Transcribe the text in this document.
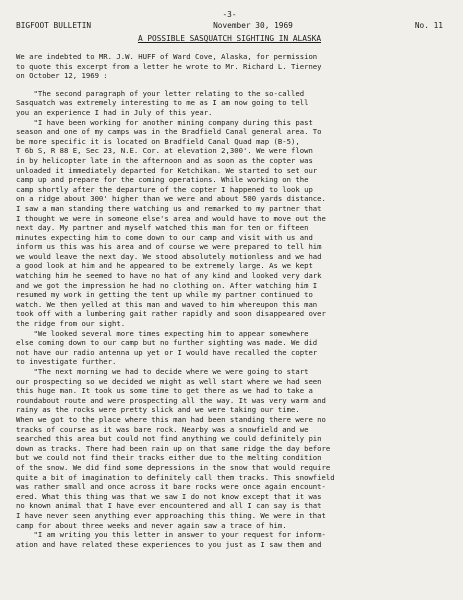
-3-
BIGFOOT BULLETIN	November 30, 1969	No. 11
A POSSIBLE SASQUATCH SIGHTING IN ALASKA
We are indebted to MR. J.W. HUFF of Ward Cove, Alaska, for permission
to quote this excerpt from a letter he wrote to Mr. Richard L. Tierney
on October 12, 1969 :
"The second paragraph of your letter relating to the so-called
Sasquatch was extremely interesting to me as I am now going to tell
you an experience I had in July of this year.
"I have been working for another mining company during this past
season and one of my camps was in the Bradfield Canal general area. To
be more specific it is located on Bradfield Canal Quad map (B-5),
T 6b S, R 88 E, Sec 23, N.E. Cor. at elevation 2,300'. We were flown
in by helicopter late in the afternoon and as soon as the copter was
unloaded it immediately departed for Ketchikan. We started to set our
camp up and prepare for the coming operations. While working on the
camp shortly after the departure of the copter I happened to look up
on a ridge about 300' higher than we were and about 500 yards distance.
I saw a man standing there watching us and remarked to my partner that
I thought we were in someone else's area and would have to move out the
next day. My partner and myself watched this man for ten or fifteen
minutes expecting him to come down to our camp and visit with us and
inform us this was his area and of course we were prepared to tell him
we would leave the next day. We stood absolutely motionless and we had
a good look at him and he appeared to be extremely large. As we kept
watching him he seemed to have no hat of any kind and looked very dark
and we got the impression he had no clothing on. After watching him I
resumed my work in getting the tent up while my partner continued to
watch. We then yelled at this man and waved to him whereupon this man
took off with a lumbering gait rather rapidly and soon disappeared over
the ridge from our sight.
"We looked several more times expecting him to appear somewhere
else coming down to our camp but no further sighting was made. We did
not have our radio antenna up yet or I would have recalled the copter
to investigate further.
"The next morning we had to decide where we were going to start
our prospecting so we decided we might as well start where we had seen
this huge man. It took us some time to get there as we had to take a
roundabout route and were prospecting all the way. It was very warm and
rainy as the rocks were pretty slick and we were taking our time.
When we got to the place where this man had been standing there were no
tracks of course as it was bare rock. Nearby was a snowfield and we
searched this area but could not find anything we could definitely pin
down as tracks. There had been rain up on that same ridge the day before
but we could not find their tracks either due to the melting condition
of the snow. We did find some depressions in the snow that would require
quite a bit of imagination to definitely call them tracks. This snowfield
was rather small and once across it bare rocks were once again encount-
ered. What this thing was that we saw I do not know except that it was
no known animal that I have ever encountered and all I can say is that
I have never seen anything ever approaching this thing. We were in that
camp for about three weeks and never again saw a trace of him.
"I am writing you this letter in answer to your request for inform-
ation and have related these experiences to you just as I saw them and
